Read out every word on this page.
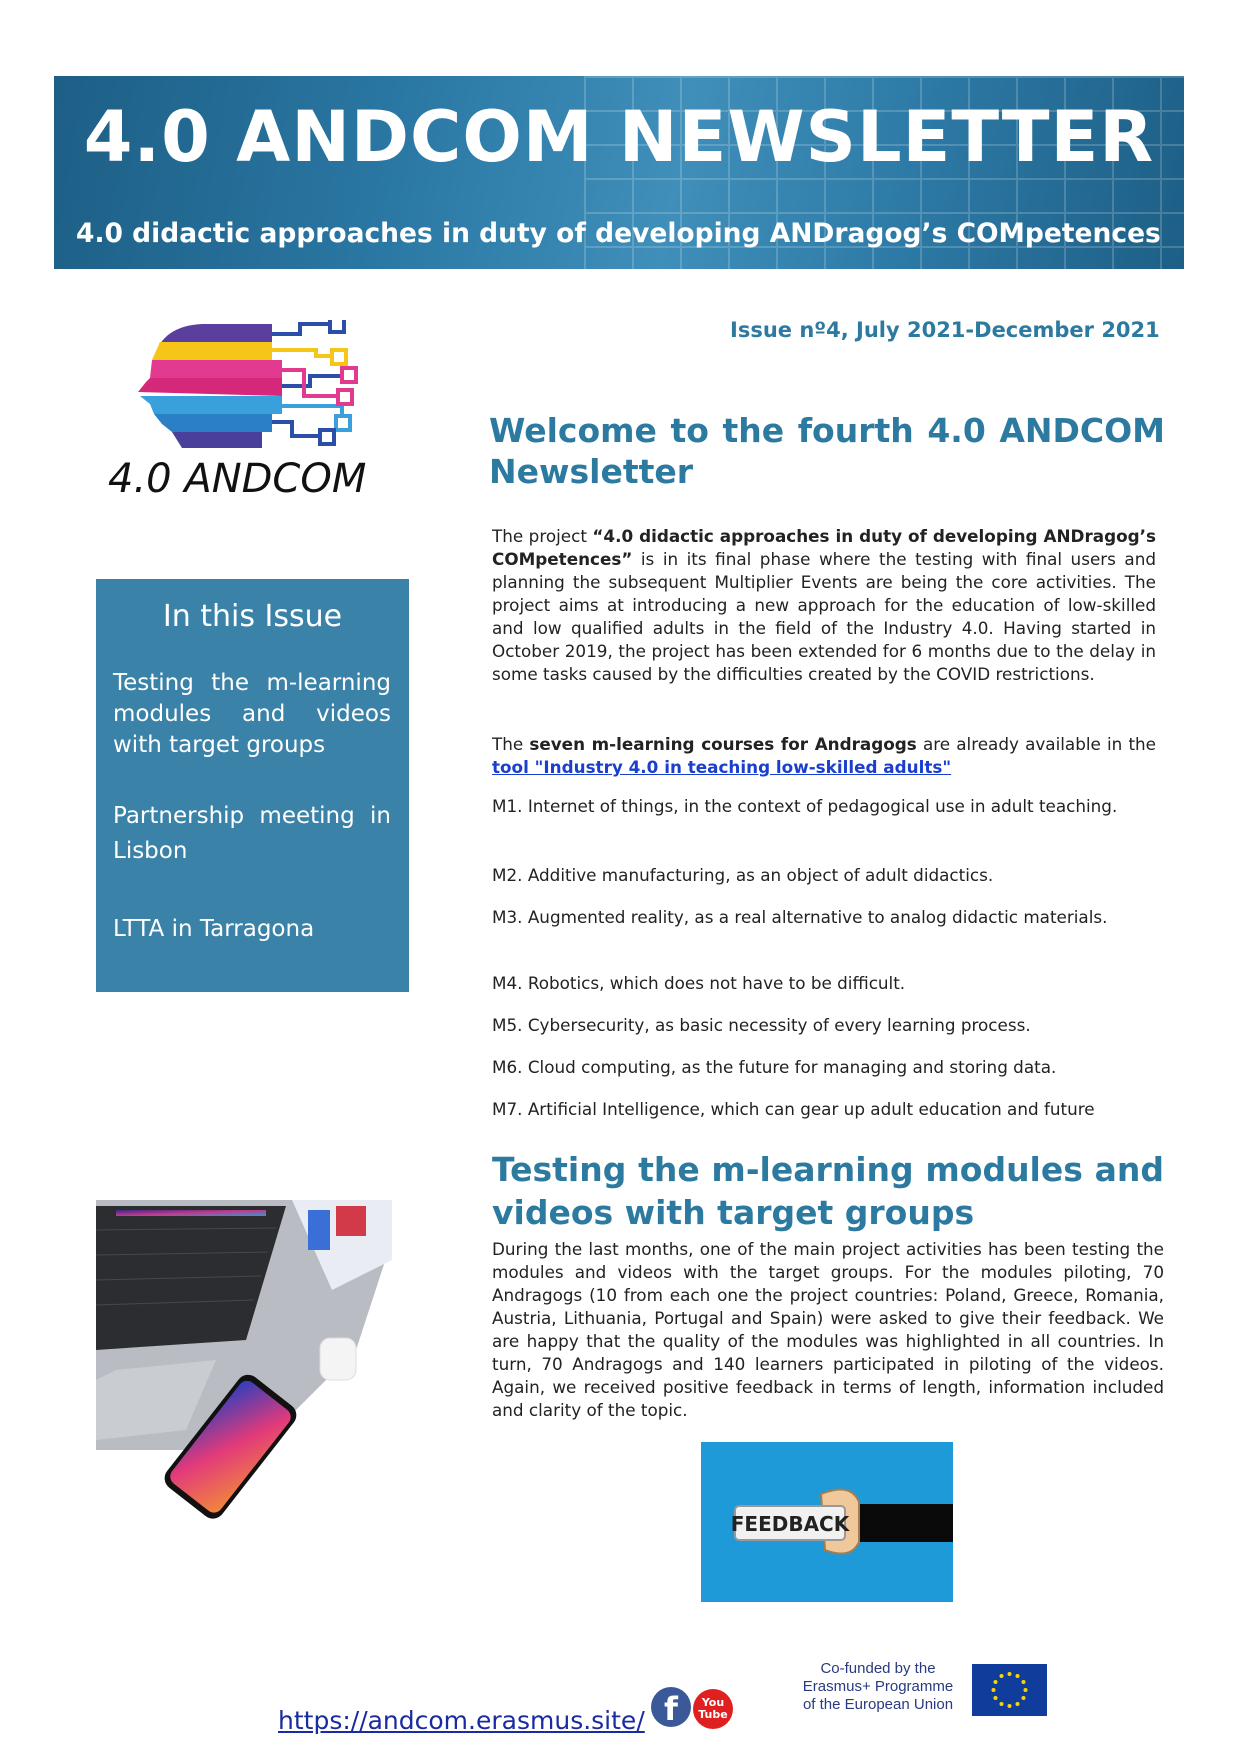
4.0 ANDCOM NEWSLETTER
4.0 didactic approaches in duty of developing ANDragog’s COMpetences
4.0 ANDCOM
Issue nº4, July 2021-December 2021
Welcome to the fourth 4.0 ANDCOM Newsletter
In this Issue
Testing the m-learning modules and videos with target groups
Partnership meeting in Lisbon
LTTA in Tarragona
The project “4.0 didactic approaches in duty of developing ANDragog’s COMpetences” is in its final phase where the testing with final users and planning the subsequent Multiplier Events are being the core activities. The project aims at introducing a new approach for the education of low-skilled and low qualified adults in the field of the Industry 4.0. Having started in October 2019, the project has been extended for 6 months due to the delay in some tasks caused by the difficulties created by the COVID restrictions.
The seven m-learning courses for Andragogs are already available in the tool "Industry 4.0 in teaching low-skilled adults"
M1. Internet of things, in the context of pedagogical use in adult teaching.
M2. Additive manufacturing, as an object of adult didactics.
M3. Augmented reality, as a real alternative to analog didactic materials.
M4. Robotics, which does not have to be difficult.
M5. Cybersecurity, as basic necessity of every learning process.
M6. Cloud computing, as the future for managing and storing data.
M7. Artificial Intelligence, which can gear up adult education and future
Testing the m-learning modules and videos with target groups
During the last months, one of the main project activities has been testing the modules and videos with the target groups. For the modules piloting, 70 Andragogs (10 from each one the project countries: Poland, Greece, Romania, Austria, Lithuania, Portugal and Spain) were asked to give their feedback. We are happy that the quality of the modules was highlighted in all countries. In turn, 70 Andragogs and 140 learners participated in piloting of the videos. Again, we received positive feedback in terms of length, information included and clarity of the topic.
FEEDBACK
https://andcom.erasmus.site/ f	You Tube
Co-funded by the Erasmus+ Programme of the European Union
